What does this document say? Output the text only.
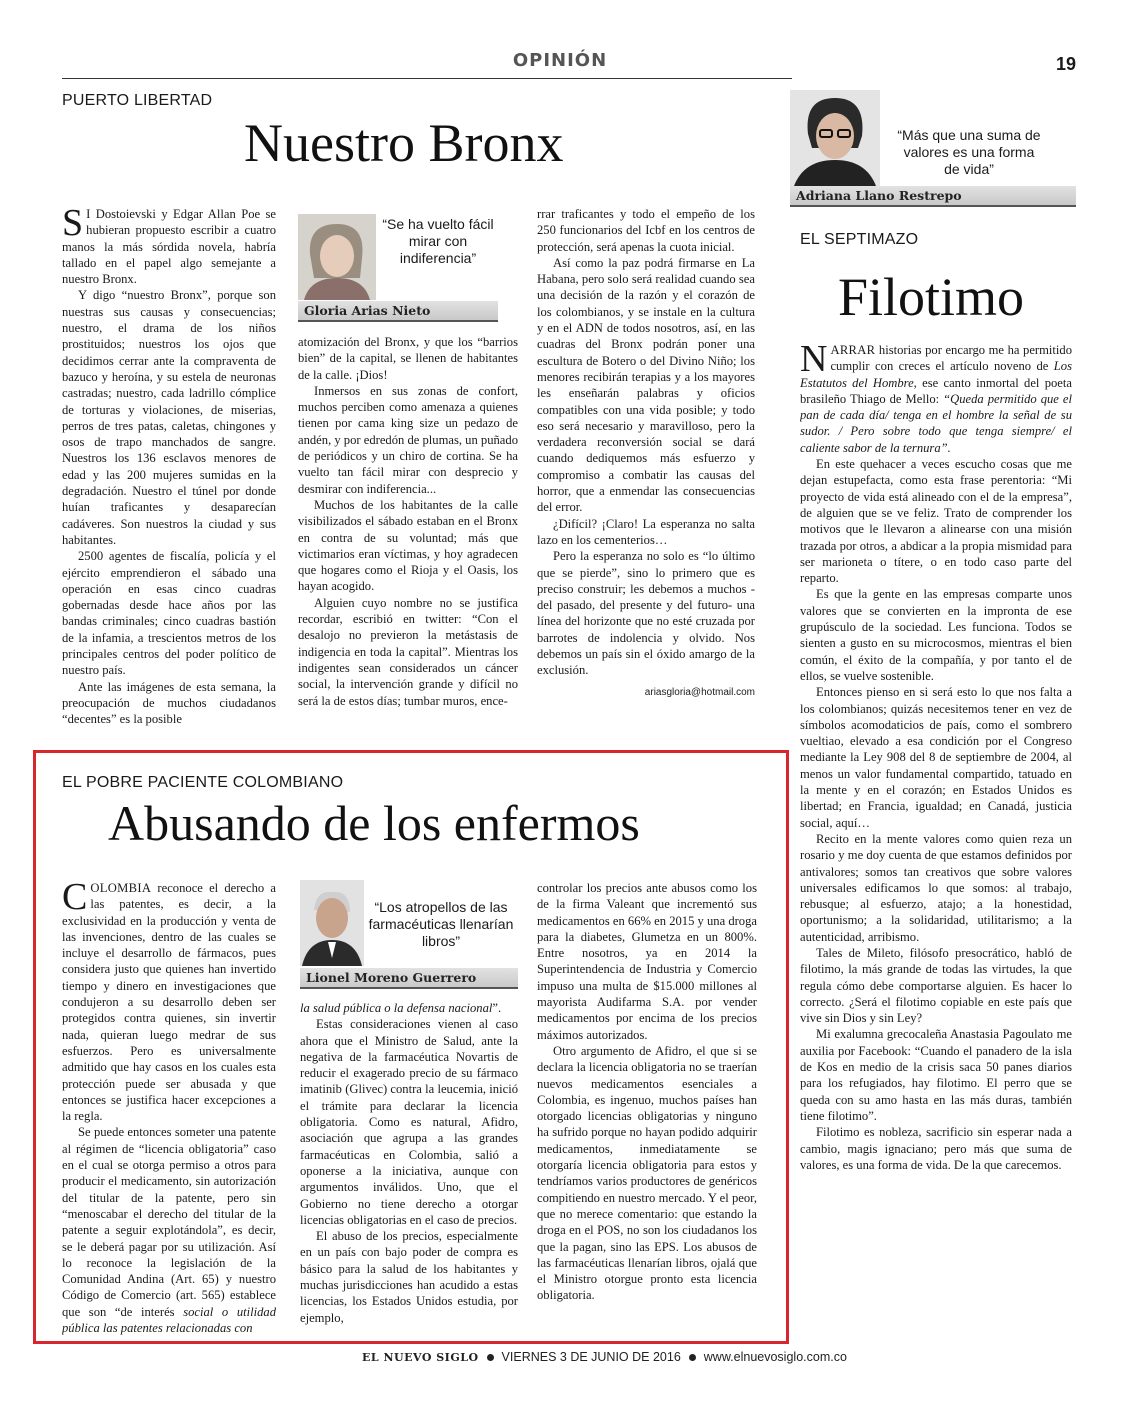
OPINIÓN	19
PUERTO LIBERTAD
Nuestro Bronx

S I Dostoievski y Edgar Allan Poe se hubieran propuesto escribir a cuatro manos la más sórdida novela, habría tallado en el papel algo semejante a nuestro Bronx.

Y digo “nuestro Bronx”, porque son nuestras sus causas y consecuencias; nuestro, el drama de los niños prostituidos; nuestros los ojos que decidimos cerrar ante la compraventa de bazuco y heroína, y su estela de neuronas castradas; nuestro, cada ladrillo cómplice de torturas y violaciones, de miserias, perros de tres patas, caletas, chingones y osos de trapo manchados de sangre. Nuestros los 136 esclavos menores de edad y las 200 mujeres sumidas en la degradación. Nuestro el túnel por donde huían traficantes y desaparecían cadáveres. Son nuestros la ciudad y sus habitantes.

2500 agentes de fiscalía, policía y el ejército emprendieron el sábado una operación en esas cinco cuadras gobernadas desde hace años por las bandas criminales; cinco cuadras bastión de la infamia, a trescientos metros de los principales centros del poder político de nuestro país.

Ante las imágenes de esta semana, la preocupación de muchos ciudadanos “decentes” es la posible

“Se ha vuelto fácil mirar con indiferencia”
Gloria Arias Nieto

atomización del Bronx, y que los “barrios bien” de la capital, se llenen de habitantes de la calle. ¡Dios!

Inmersos en sus zonas de confort, muchos perciben como amenaza a quienes tienen por cama king size un pedazo de andén, y por edredón de plumas, un puñado de periódicos y un chiro de cortina. Se ha vuelto tan fácil mirar con desprecio y desmirar con indiferencia...

Muchos de los habitantes de la calle visibilizados el sábado estaban en el Bronx en contra de su voluntad; más que victimarios eran víctimas, y hoy agradecen que hogares como el Rioja y el Oasis, los hayan acogido.

Alguien cuyo nombre no se justifica recordar, escribió en twitter: “Con el desalojo no previeron la metástasis de indigencia en toda la capital”. Mientras los indigentes sean considerados un cáncer social, la intervención grande y difícil no será la de estos días; tumbar muros, ence-

rrar traficantes y todo el empeño de los 250 funcionarios del Icbf en los centros de protección, será apenas la cuota inicial.

Así como la paz podrá firmarse en La Habana, pero solo será realidad cuando sea una decisión de la razón y el corazón de los colombianos, y se instale en la cultura y en el ADN de todos nosotros, así, en las cuadras del Bronx podrán poner una escultura de Botero o del Divino Niño; los menores recibirán terapias y a los mayores les enseñarán palabras y oficios compatibles con una vida posible; y todo eso será necesario y maravilloso, pero la verdadera reconversión social se dará cuando dediquemos más esfuerzo y compromiso a combatir las causas del horror, que a enmendar las consecuencias del error.

¿Difícil? ¡Claro! La esperanza no salta lazo en los cementerios…

Pero la esperanza no solo es “lo último que se pierde”, sino lo primero que es preciso construir; les debemos a muchos -del pasado, del presente y del futuro- una línea del horizonte que no esté cruzada por barrotes de indolencia y olvido. Nos debemos un país sin el óxido amargo de la exclusión.

ariasgloria@hotmail.com

“Más que una suma de valores es una forma de vida”
Adriana Llano Restrepo
EL SEPTIMAZO
Filotimo

NARRAR historias por encargo me ha permitido cumplir con creces el artículo noveno de Los Estatutos del Hombre, ese canto inmortal del poeta brasileño Thiago de Mello: “Queda permitido que el pan de cada día/ tenga en el hombre la señal de su sudor. / Pero sobre todo que tenga siempre/ el caliente sabor de la ternura”.

En este quehacer a veces escucho cosas que me dejan estupefacta, como esta frase perentoria: “Mi proyecto de vida está alineado con el de la empresa”, de alguien que se ve feliz. Trato de comprender los motivos que le llevaron a alinearse con una misión trazada por otros, a abdicar a la propia mismidad para ser marioneta o títere, o en todo caso parte del reparto.

Es que la gente en las empresas comparte unos valores que se convierten en la impronta de ese grupúsculo de la sociedad. Les funciona. Todos se sienten a gusto en su microcosmos, mientras el bien común, el éxito de la compañía, y por tanto el de ellos, se vuelve sostenible.

Entonces pienso en si será esto lo que nos falta a los colombianos; quizás necesitemos tener en vez de símbolos acomodaticios de país, como el sombrero vueltiao, elevado a esa condición por el Congreso mediante la Ley 908 del 8 de septiembre de 2004, al menos un valor fundamental compartido, tatuado en la mente y en el corazón; en Estados Unidos es libertad; en Francia, igualdad; en Canadá, justicia social, aquí…

Recito en la mente valores como quien reza un rosario y me doy cuenta de que estamos definidos por antivalores; somos tan creativos que sobre valores universales edificamos lo que somos: al trabajo, rebusque; al esfuerzo, atajo; a la honestidad, oportunismo; a la solidaridad, utilitarismo; a la autenticidad, arribismo.

Tales de Mileto, filósofo presocrático, habló de filotimo, la más grande de todas las virtudes, la que regula cómo debe comportarse alguien. Es hacer lo correcto. ¿Será el filotimo copiable en este país que vive sin Dios y sin Ley?

Mi exalumna grecocaleña Anastasia Pagoulato me auxilia por Facebook: “Cuando el panadero de la isla de Kos en medio de la crisis saca 50 panes diarios para los refugiados, hay filotimo. El perro que se queda con su amo hasta en las más duras, también tiene filotimo”.

Filotimo es nobleza, sacrificio sin esperar nada a cambio, magis ignaciano; pero más que suma de valores, es una forma de vida. De la que carecemos.

EL POBRE PACIENTE COLOMBIANO
Abusando de los enfermos

COLOMBIA reconoce el derecho a las patentes, es decir, a la exclusividad en la producción y venta de las invenciones, dentro de las cuales se incluye el desarrollo de fármacos, pues considera justo que quienes han invertido tiempo y dinero en investigaciones que condujeron a su desarrollo deben ser protegidos contra quienes, sin invertir nada, quieran luego medrar de sus esfuerzos. Pero es universalmente admitido que hay casos en los cuales esta protección puede ser abusada y que entonces se justifica hacer excepciones a la regla.

Se puede entonces someter una patente al régimen de “licencia obligatoria” caso en el cual se otorga permiso a otros para producir el medicamento, sin autorización del titular de la patente, pero sin “menoscabar el derecho del titular de la patente a seguir explotándola”, es decir, se le deberá pagar por su utilización. Así lo reconoce la legislación de la Comunidad Andina (Art. 65) y nuestro Código de Comercio (art. 565) establece que son “de interés social o utilidad pública las patentes relacionadas con

“Los atropellos de las farmacéuticas llenarían libros”
Lionel Moreno Guerrero

la salud pública o la defensa nacional”.

Estas consideraciones vienen al caso ahora que el Ministro de Salud, ante la negativa de la farmacéutica Novartis de reducir el exagerado precio de su fármaco imatinib (Glivec) contra la leucemia, inició el trámite para declarar la licencia obligatoria. Como es natural, Afidro, asociación que agrupa a las grandes farmacéuticas en Colombia, salió a oponerse a la iniciativa, aunque con argumentos inválidos. Uno, que el Gobierno no tiene derecho a otorgar licencias obligatorias en el caso de precios.

El abuso de los precios, especialmente en un país con bajo poder de compra es básico para la salud de los habitantes y muchas jurisdicciones han acudido a estas licencias, los Estados Unidos estudia, por ejemplo,

controlar los precios ante abusos como los de la firma Valeant que incrementó sus medicamentos en 66% en 2015 y una droga para la diabetes, Glumetza en un 800%. Entre nosotros, ya en 2014 la Superintendencia de Industria y Comercio impuso una multa de $15.000 millones al mayorista Audifarma S.A. por vender medicamentos por encima de los precios máximos autorizados.

Otro argumento de Afidro, el que si se declara la licencia obligatoria no se traerían nuevos medicamentos esenciales a Colombia, es ingenuo, muchos países han otorgado licencias obligatorias y ninguno ha sufrido porque no hayan podido adquirir medicamentos, inmediatamente se otorgaría licencia obligatoria para estos y tendríamos varios productores de genéricos compitiendo en nuestro mercado. Y el peor, que no merece comentario: que estando la droga en el POS, no son los ciudadanos los que la pagan, sino las EPS. Los abusos de las farmacéuticas llenarían libros, ojalá que el Ministro otorgue pronto esta licencia obligatoria.

EL NUEVO SIGLO VIERNES 3 DE JUNIO DE 2016 www.elnuevosiglo.com.co
